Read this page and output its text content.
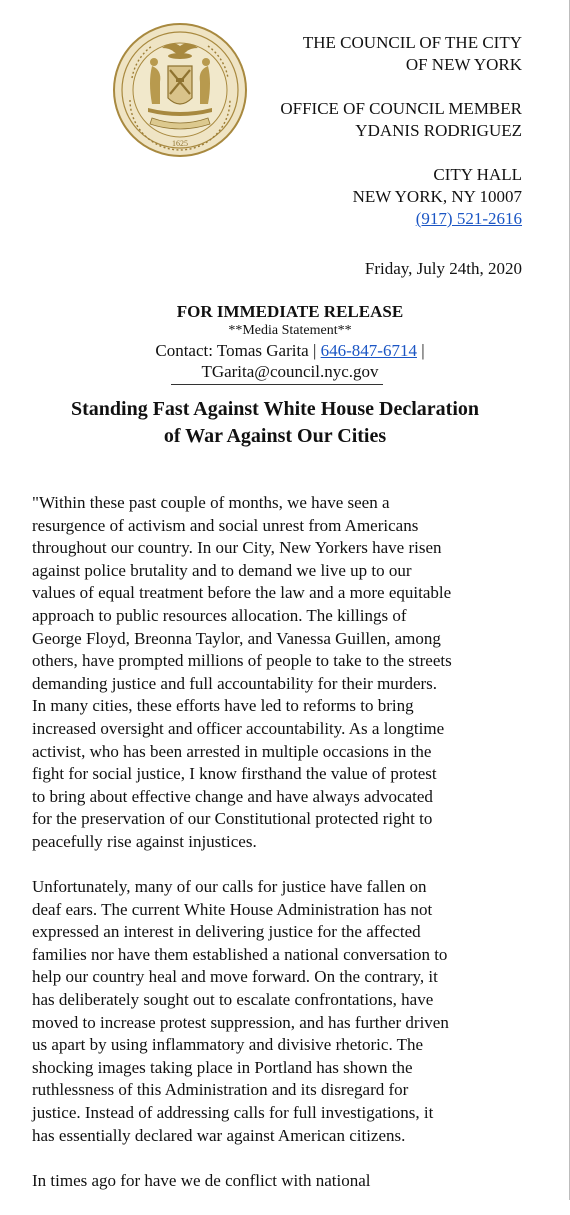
1625
THE COUNCIL OF THE CITY
OF NEW YORK
OFFICE OF COUNCIL MEMBER
YDANIS RODRIGUEZ
CITY HALL
NEW YORK, NY 10007
(917) 521-2616
Friday, July 24th, 2020
FOR IMMEDIATE RELEASE
**Media Statement**
Contact: Tomas Garita | 646-847-6714 |
TGarita@council.nyc.gov
Standing Fast Against White House Declaration
of War Against Our Cities

"Within these past couple of months, we have seen a
resurgence of activism and social unrest from Americans
throughout our country. In our City, New Yorkers have risen
against police brutality and to demand we live up to our
values of equal treatment before the law and a more equitable
approach to public resources allocation. The killings of
George Floyd, Breonna Taylor, and Vanessa Guillen, among
others, have prompted millions of people to take to the streets
demanding justice and full accountability for their murders.
In many cities, these efforts have led to reforms to bring
increased oversight and officer accountability. As a longtime
activist, who has been arrested in multiple occasions in the
fight for social justice, I know firsthand the value of protest
to bring about effective change and have always advocated
for the preservation of our Constitutional protected right to
peacefully rise against injustices.

Unfortunately, many of our calls for justice have fallen on
deaf ears. The current White House Administration has not
expressed an interest in delivering justice for the affected
families nor have them established a national conversation to
help our country heal and move forward. On the contrary, it
has deliberately sought out to escalate confrontations, have
moved to increase protest suppression, and has further driven
us apart by using inflammatory and divisive rhetoric. The
shocking images taking place in Portland has shown the
ruthlessness of this Administration and its disregard for
justice. Instead of addressing calls for full investigations, it
has essentially declared war against American citizens.

In times ago for have we de conflict with national
